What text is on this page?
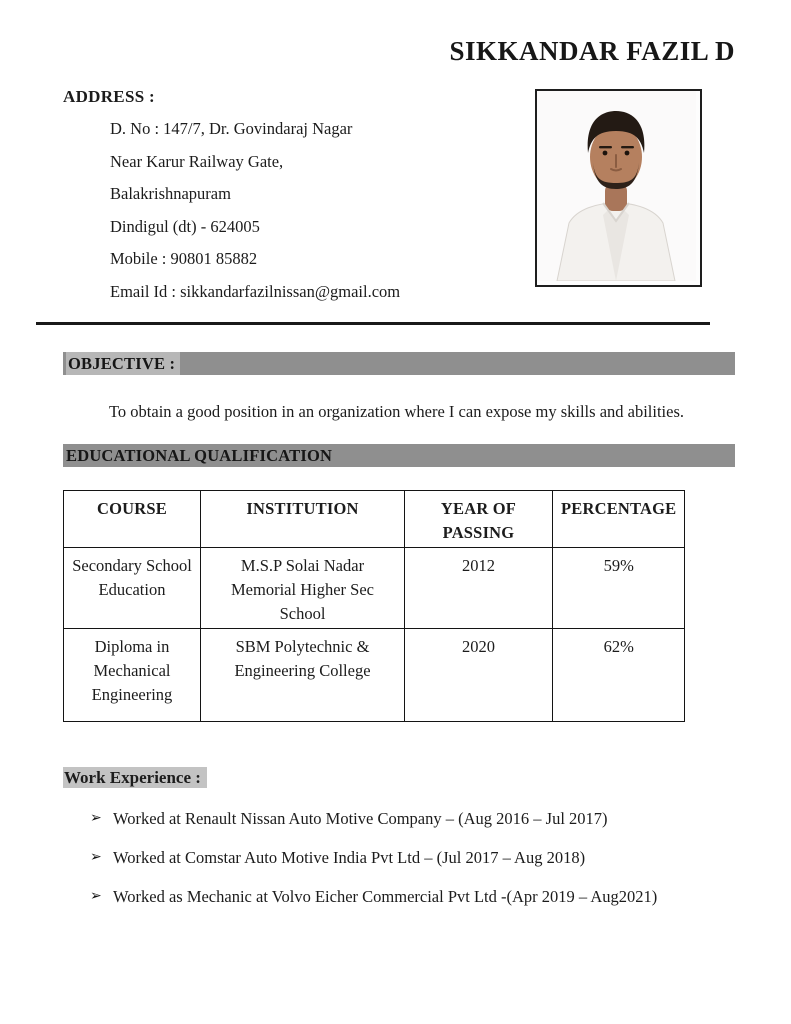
SIKKANDAR FAZIL D
ADDRESS :
D. No : 147/7, Dr. Govindaraj Nagar
Near Karur Railway Gate,
Balakrishnapuram
Dindigul (dt) - 624005
Mobile : 90801 85882
Email Id : sikkandarfazilnissan@gmail.com
OBJECTIVE :

To obtain a good position in an organization where I can expose my skills and abilities.

EDUCATIONAL QUALIFICATION
COURSE	INSTITUTION	YEAR OF PASSING	PERCENTAGE
Secondary School Education	M.S.P Solai Nadar Memorial Higher Sec School	2012	59%
Diploma in Mechanical Engineering	SBM Polytechnic & Engineering College	2020	62%
Work Experience :
➢ Worked at Renault Nissan Auto Motive Company – (Aug 2016 – Jul 2017)
➢ Worked at Comstar Auto Motive India Pvt Ltd – (Jul 2017 – Aug 2018)
➢ Worked as Mechanic at Volvo Eicher Commercial Pvt Ltd -(Apr 2019 – Aug2021)
